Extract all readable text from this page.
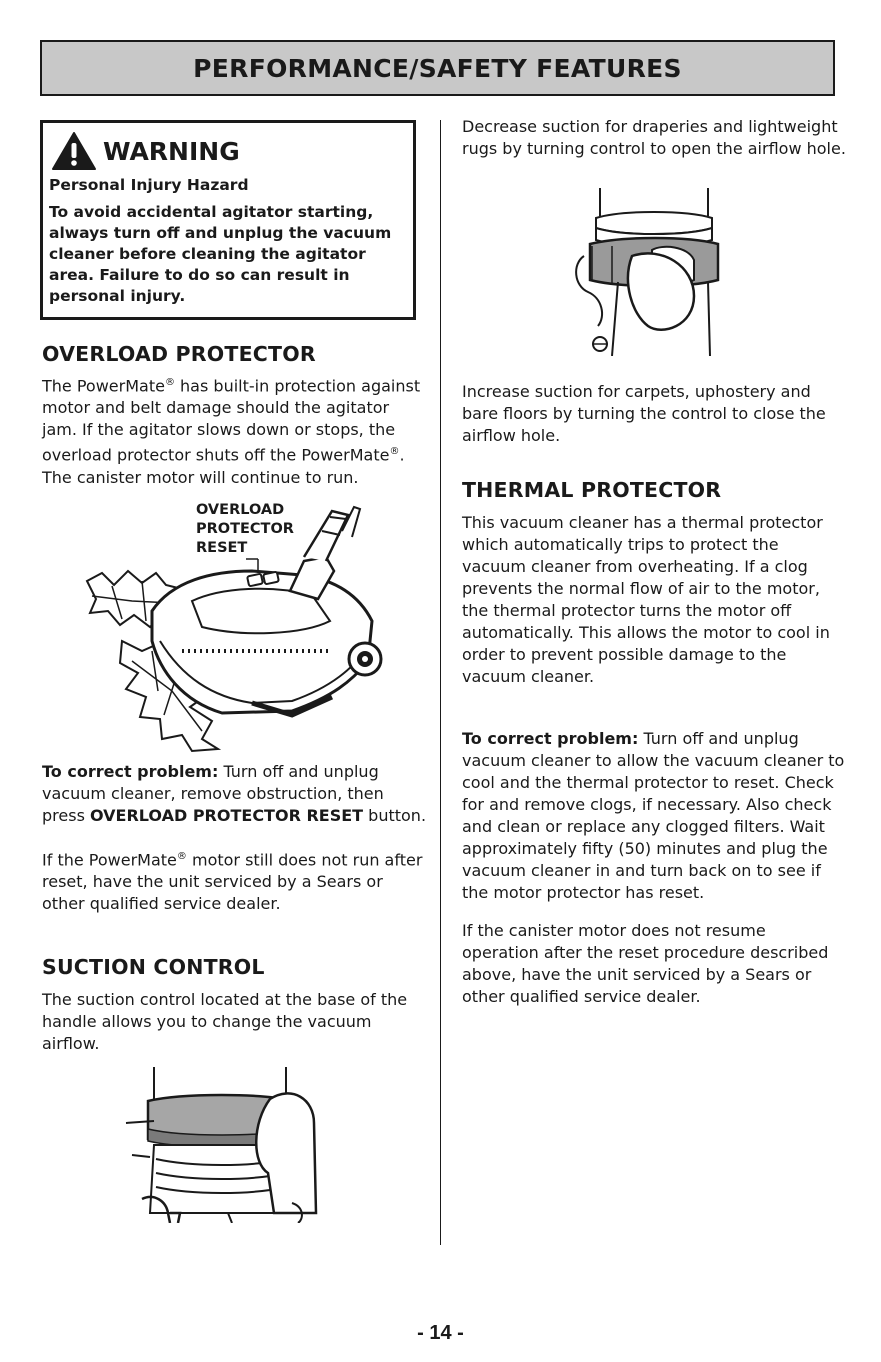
PERFORMANCE/SAFETY FEATURES
WARNING

Personal Injury Hazard

To avoid accidental agitator starting, always turn off and unplug the vacuum cleaner before cleaning the agitator area. Failure to do so can result in personal injury.

OVERLOAD PROTECTOR

The PowerMate® has built-in protection against motor and belt damage should the agitator jam. If the agitator slows down or stops, the overload protector shuts off the PowerMate®. The canister motor will continue to run.

OVERLOAD
PROTECTOR
RESET

To correct problem: Turn off and unplug vacuum cleaner, remove obstruction, then press OVERLOAD PROTECTOR RESET button.

If the PowerMate® motor still does not run after reset, have the unit serviced by a Sears or other qualified service dealer.

SUCTION CONTROL

The suction control located at the base of the handle allows you to change the vacuum airflow.

Decrease suction for draperies and lightweight rugs by turning control to open the airflow hole.

Increase suction for carpets, uphostery and bare floors by turning the control to close the airflow hole.

THERMAL PROTECTOR

This vacuum cleaner has a thermal protector which automatically trips to protect the vacuum cleaner from overheating. If a clog prevents the normal flow of air to the motor, the thermal protector turns the motor off automatically. This allows the motor to cool in order to prevent possible damage to the vacuum cleaner.

To correct problem: Turn off and unplug vacuum cleaner to allow the vacuum cleaner to cool and the thermal protector to reset. Check for and remove clogs, if necessary. Also check and clean or replace any clogged filters. Wait approximately fifty (50) minutes and plug the vacuum cleaner in and turn back on to see if the motor protector has reset.

If the canister motor does not resume operation after the reset procedure described above, have the unit serviced by a Sears or other qualified service dealer.

- 14 -
